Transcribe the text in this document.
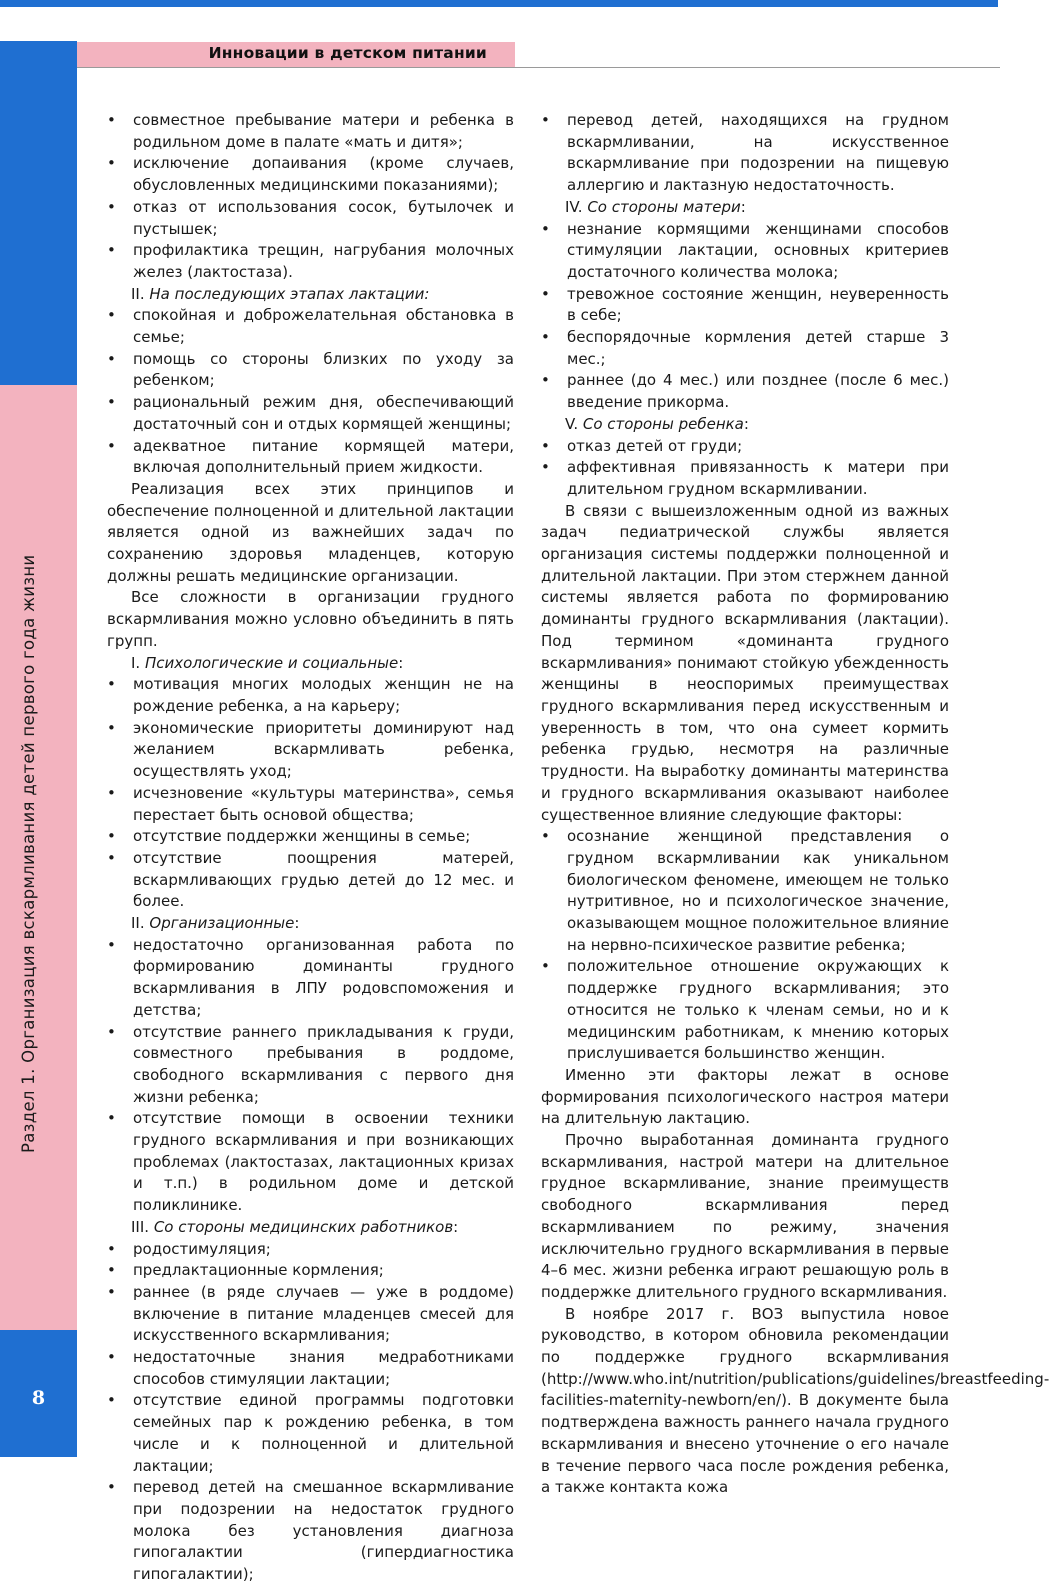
Инновации в детском питании
Раздел 1. Организация вскармливания детей первого года жизни
8
• совместное пребывание матери и ребенка в родильном доме в палате «мать и дитя»;
• исключение допаивания (кроме случаев, обусловленных медицинскими показаниями);
• отказ от использования сосок, бутылочек и пустышек;
• профилактика трещин, нагрубания молочных желез (лактостаза).
II. На последующих этапах лактации:
• спокойная и доброжелательная обстановка в семье;
• помощь со стороны близких по уходу за ребенком;
• рациональный режим дня, обеспечивающий достаточный сон и отдых кормящей женщины;
• адекватное питание кормящей матери, включая дополнительный прием жидкости.
Реализация всех этих принципов и обеспечение полноценной и длительной лактации является одной из важнейших задач по сохранению здоровья младенцев, которую должны решать медицинские организации.
Все сложности в организации грудного вскармливания можно условно объединить в пять групп.
I. Психологические и социальные:
• мотивация многих молодых женщин не на рождение ребенка, а на карьеру;
• экономические приоритеты доминируют над желанием вскармливать ребенка, осуществлять уход;
• исчезновение «культуры материнства», семья перестает быть основой общества;
• отсутствие поддержки женщины в семье;
• отсутствие поощрения матерей, вскармливающих грудью детей до 12 мес. и более.
II. Организационные:
• недостаточно организованная работа по формированию доминанты грудного вскармливания в ЛПУ родовспоможения и детства;
• отсутствие раннего прикладывания к груди, совместного пребывания в роддоме, свободного вскармливания с первого дня жизни ребенка;
• отсутствие помощи в освоении техники грудного вскармливания и при возникающих проблемах (лактостазах, лактационных кризах и т.п.) в родильном доме и детской поликлинике.
III. Со стороны медицинских работников:
• родостимуляция;
• предлактационные кормления;
• раннее (в ряде случаев — уже в роддоме) включение в питание младенцев смесей для искусственного вскармливания;
• недостаточные знания медработниками способов стимуляции лактации;
• отсутствие единой программы подготовки семейных пар к рождению ребенка, в том числе и к полноценной и длительной лактации;
• перевод детей на смешанное вскармливание при подозрении на недостаток грудного молока без установления диагноза гипогалактии (гипердиагностика гипогалактии);
• перевод детей, находящихся на грудном вскармливании, на искусственное вскармливание при подозрении на пищевую аллергию и лактазную недостаточность.
IV. Со стороны матери:
• незнание кормящими женщинами способов стимуляции лактации, основных критериев достаточного количества молока;
• тревожное состояние женщин, неуверенность в себе;
• беспорядочные кормления детей старше 3 мес.;
• раннее (до 4 мес.) или позднее (после 6 мес.) введение прикорма.
V. Со стороны ребенка:
• отказ детей от груди;
• аффективная привязанность к матери при длительном грудном вскармливании.
В связи с вышеизложенным одной из важных задач педиатрической службы является организация системы поддержки полноценной и длительной лактации. При этом стержнем данной системы является работа по формированию доминанты грудного вскармливания (лактации). Под термином «доминанта грудного вскармливания» понимают стойкую убежденность женщины в неоспоримых преимуществах грудного вскармливания перед искусственным и уверенность в том, что она сумеет кормить ребенка грудью, несмотря на различные трудности. На выработку доминанты материнства и грудного вскармливания оказывают наиболее существенное влияние следующие факторы:
• осознание женщиной представления о грудном вскармливании как уникальном биологическом феномене, имеющем не только нутритивное, но и психологическое значение, оказывающем мощное положительное влияние на нервно-психическое развитие ребенка;
• положительное отношение окружающих к поддержке грудного вскармливания; это относится не только к членам семьи, но и к медицинским работникам, к мнению которых прислушивается большинство женщин.
Именно эти факторы лежат в основе формирования психологического настроя матери на длительную лактацию.
Прочно выработанная доминанта грудного вскармливания, настрой матери на длительное грудное вскармливание, знание преимуществ свободного вскармливания перед вскармливанием по режиму, значения исключительно грудного вскармливания в первые 4–6 мес. жизни ребенка играют решающую роль в поддержке длительного грудного вскармливания.
В ноябре 2017 г. ВОЗ выпустила новое руководство, в котором обновила рекомендации по поддержке грудного вскармливания (http://www.who.int/nutrition/publications/guidelines/breastfeeding-facilities-maternity-newborn/en/). В документе была подтверждена важность раннего начала грудного вскармливания и внесено уточнение о его начале в течение первого часа после рождения ребенка, а также контакта кожа
